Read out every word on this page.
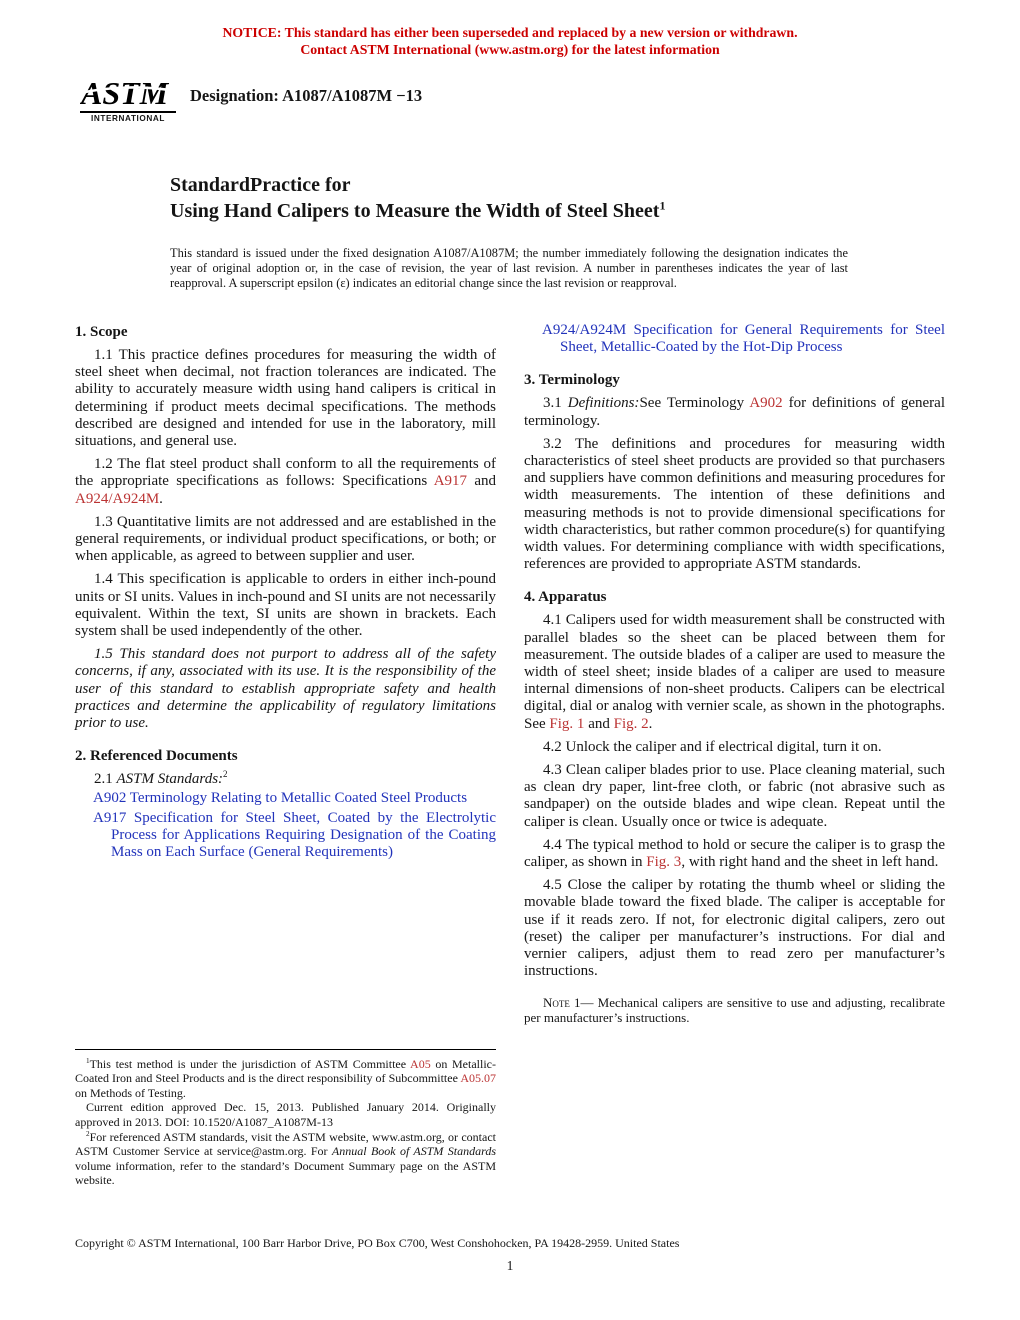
NOTICE: This standard has either been superseded and replaced by a new version or withdrawn.
Contact ASTM International (www.astm.org) for the latest information
ASTM
INTERNATIONAL
Designation: A1087/A1087M −13
StandardPractice for
Using Hand Calipers to Measure the Width of Steel Sheet$^1$

This standard is issued under the fixed designation A1087/A1087M; the number immediately following the designation indicates the year of original adoption or, in the case of revision, the year of last revision. A number in parentheses indicates the year of last reapproval. A superscript epsilon (ε) indicates an editorial change since the last revision or reapproval.

1. Scope

1.1 This practice defines procedures for measuring the width of steel sheet when decimal, not fraction tolerances are indicated. The ability to accurately measure width using hand calipers is critical in determining if product meets decimal specifications. The methods described are designed and intended for use in the laboratory, mill situations, and general use.

1.2 The flat steel product shall conform to all the requirements of the appropriate specifications as follows: Specifications A917 and A924/A924M.

1.3 Quantitative limits are not addressed and are established in the general requirements, or individual product specifications, or both; or when applicable, as agreed to between supplier and user.

1.4 This specification is applicable to orders in either inch-pound units or SI units. Values in inch-pound and SI units are not necessarily equivalent. Within the text, SI units are shown in brackets. Each system shall be used independently of the other.

1.5 This standard does not purport to address all of the safety concerns, if any, associated with its use. It is the responsibility of the user of this standard to establish appropriate safety and health practices and determine the applicability of regulatory limitations prior to use.

2. Referenced Documents

2.1 ASTM Standards:$^2$

A902 Terminology Relating to Metallic Coated Steel Products

A917 Specification for Steel Sheet, Coated by the Electrolytic Process for Applications Requiring Designation of the Coating Mass on Each Surface (General Requirements)

$^1$This test method is under the jurisdiction of ASTM Committee A05 on Metallic-Coated Iron and Steel Products and is the direct responsibility of Subcommittee A05.07 on Methods of Testing.

Current edition approved Dec. 15, 2013. Published January 2014. Originally approved in 2013. DOI: 10.1520/A1087_A1087M-13

$^2$For referenced ASTM standards, visit the ASTM website, www.astm.org, or contact ASTM Customer Service at service@astm.org. For Annual Book of ASTM Standards volume information, refer to the standard’s Document Summary page on the ASTM website.

A924/A924M Specification for General Requirements for Steel Sheet, Metallic-Coated by the Hot-Dip Process

3. Terminology

3.1 Definitions:See Terminology A902 for definitions of general terminology.

3.2 The definitions and procedures for measuring width characteristics of steel sheet products are provided so that purchasers and suppliers have common definitions and measuring procedures for width measurements. The intention of these definitions and measuring methods is not to provide dimensional specifications for width characteristics, but rather common procedure(s) for quantifying width values. For determining compliance with width specifications, references are provided to appropriate ASTM standards.

4. Apparatus

4.1 Calipers used for width measurement shall be constructed with parallel blades so the sheet can be placed between them for measurement. The outside blades of a caliper are used to measure the width of steel sheet; inside blades of a caliper are used to measure internal dimensions of non-sheet products. Calipers can be electrical digital, dial or analog with vernier scale, as shown in the photographs. See Fig. 1 and Fig. 2.

4.2 Unlock the caliper and if electrical digital, turn it on.

4.3 Clean caliper blades prior to use. Place cleaning material, such as clean dry paper, lint-free cloth, or fabric (not abrasive such as sandpaper) on the outside blades and wipe clean. Repeat until the caliper is clean. Usually once or twice is adequate.

4.4 The typical method to hold or secure the caliper is to grasp the caliper, as shown in Fig. 3, with right hand and the sheet in left hand.

4.5 Close the caliper by rotating the thumb wheel or sliding the movable blade toward the fixed blade. The caliper is acceptable for use if it reads zero. If not, for electronic digital calipers, zero out (reset) the caliper per manufacturer’s instructions. For dial and vernier calipers, adjust them to read zero per manufacturer’s instructions.

Note 1— Mechanical calipers are sensitive to use and adjusting, recalibrate per manufacturer’s instructions.

Copyright © ASTM International, 100 Barr Harbor Drive, PO Box C700, West Conshohocken, PA 19428-2959. United States
1
